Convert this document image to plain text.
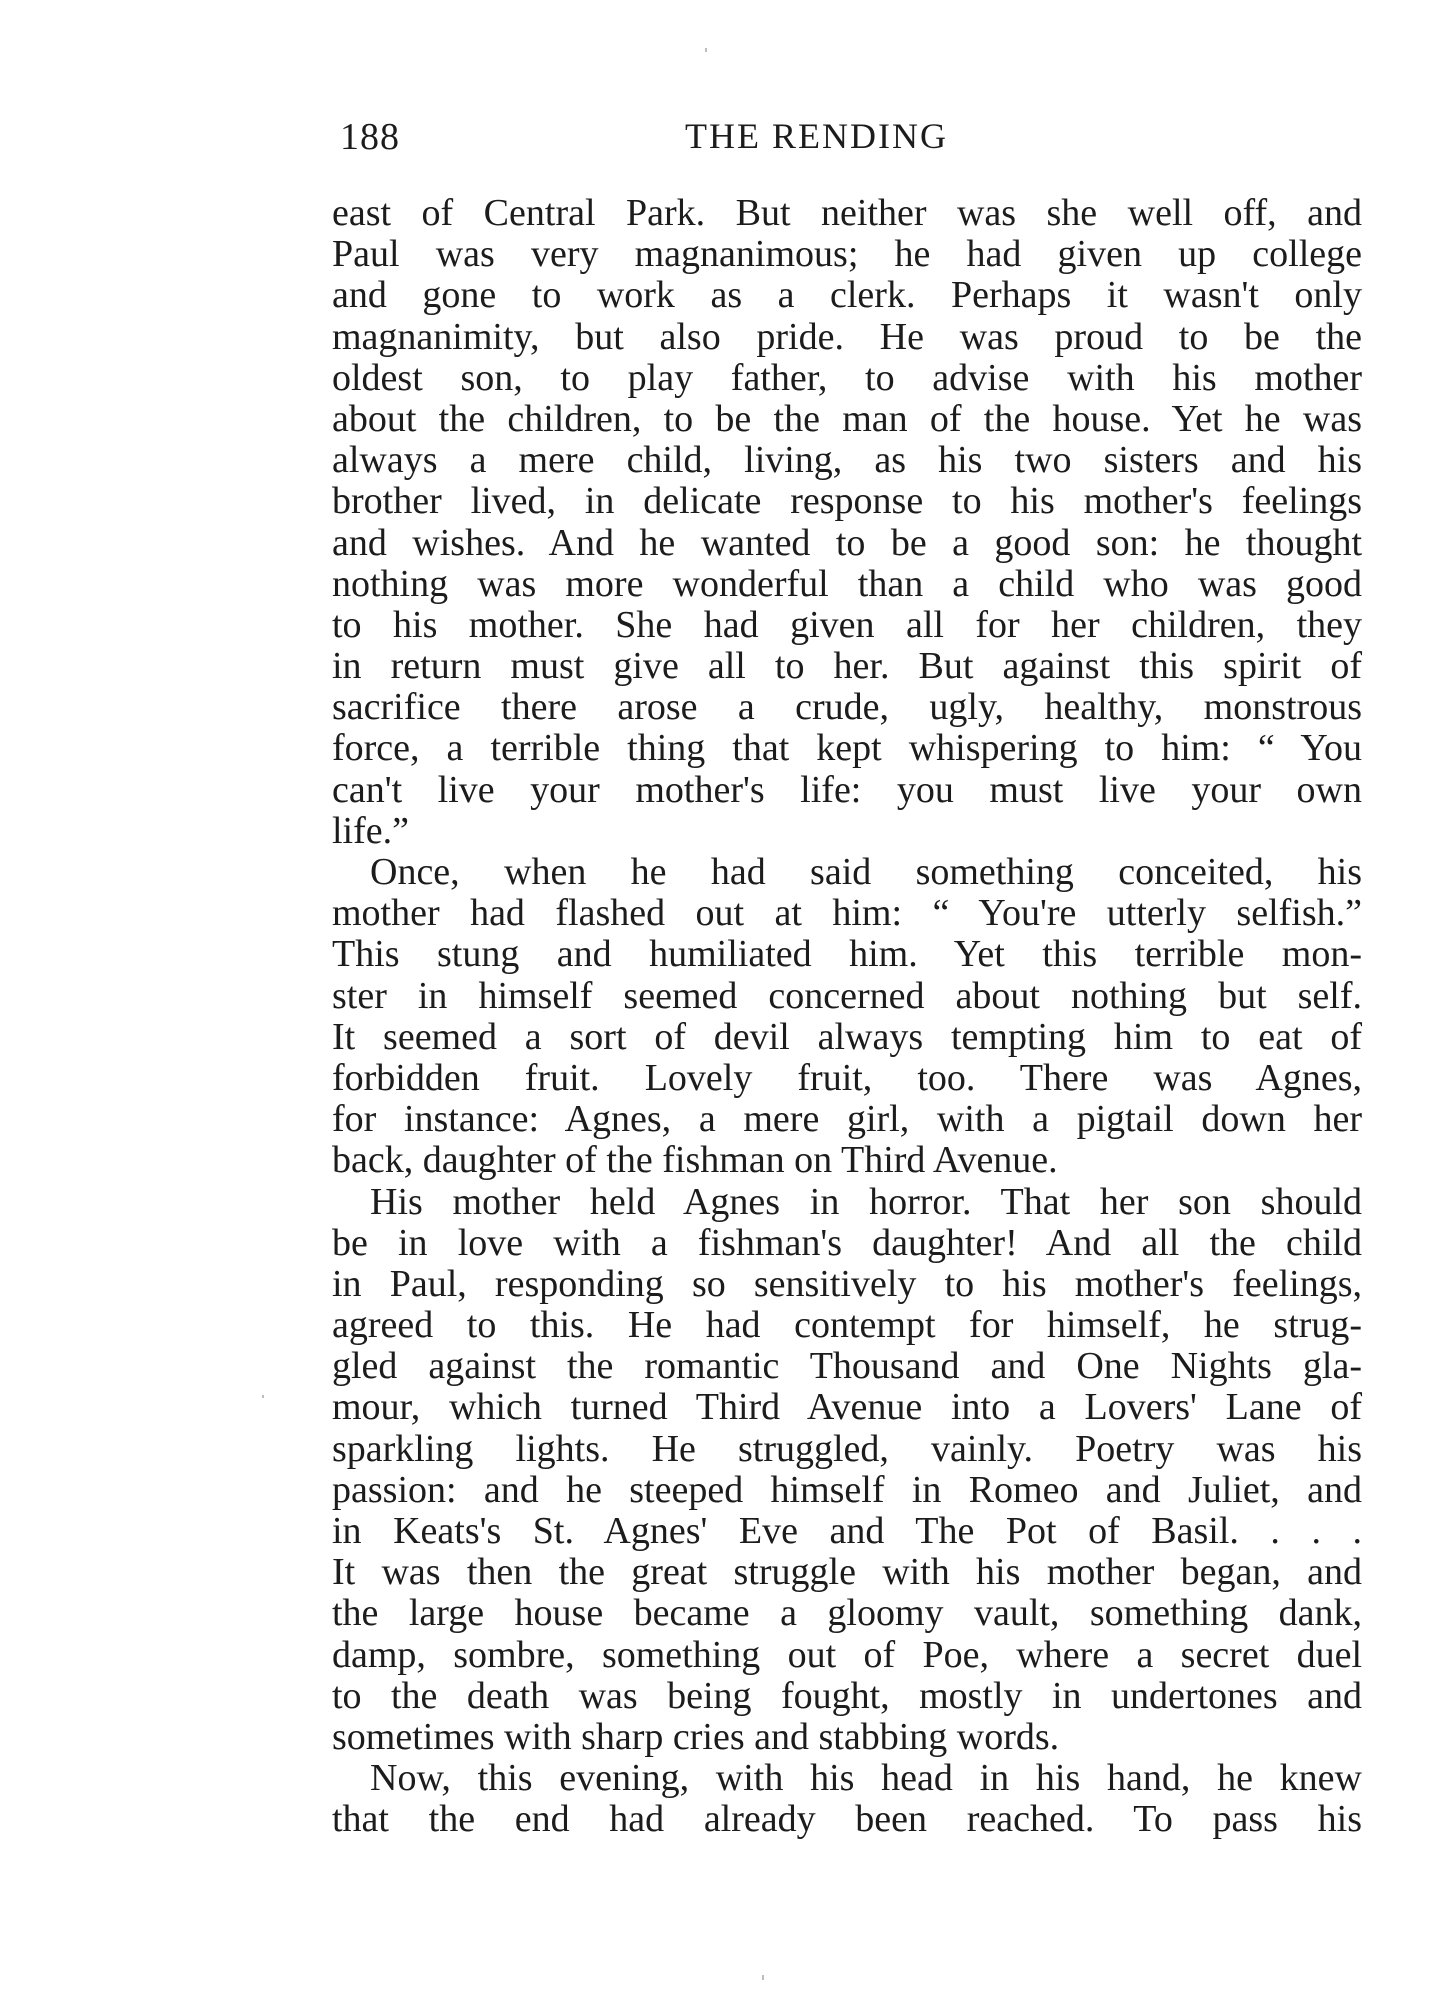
188	THE RENDING
east of Central Park. But neither was she well off, and
Paul was very magnanimous; he had given up college
and gone to work as a clerk. Perhaps it wasn't only
magnanimity, but also pride. He was proud to be the
oldest son, to play father, to advise with his mother
about the children, to be the man of the house. Yet he was
always a mere child, living, as his two sisters and his
brother lived, in delicate response to his mother's feelings
and wishes. And he wanted to be a good son: he thought
nothing was more wonderful than a child who was good
to his mother. She had given all for her children, they
in return must give all to her. But against this spirit of
sacrifice there arose a crude, ugly, healthy, monstrous
force, a terrible thing that kept whispering to him: “ You
can't live your mother's life: you must live your own
life.”
Once, when he had said something conceited, his
mother had flashed out at him: “ You're utterly selfish.”
This stung and humiliated him. Yet this terrible mon-
ster in himself seemed concerned about nothing but self.
It seemed a sort of devil always tempting him to eat of
forbidden fruit. Lovely fruit, too. There was Agnes,
for instance: Agnes, a mere girl, with a pigtail down her
back, daughter of the fishman on Third Avenue.
His mother held Agnes in horror. That her son should
be in love with a fishman's daughter! And all the child
in Paul, responding so sensitively to his mother's feelings,
agreed to this. He had contempt for himself, he strug-
gled against the romantic Thousand and One Nights gla-
mour, which turned Third Avenue into a Lovers' Lane of
sparkling lights. He struggled, vainly. Poetry was his
passion: and he steeped himself in Romeo and Juliet, and
in Keats's St. Agnes' Eve and The Pot of Basil. . . .
It was then the great struggle with his mother began, and
the large house became a gloomy vault, something dank,
damp, sombre, something out of Poe, where a secret duel
to the death was being fought, mostly in undertones and
sometimes with sharp cries and stabbing words.
Now, this evening, with his head in his hand, he knew
that the end had already been reached. To pass his
